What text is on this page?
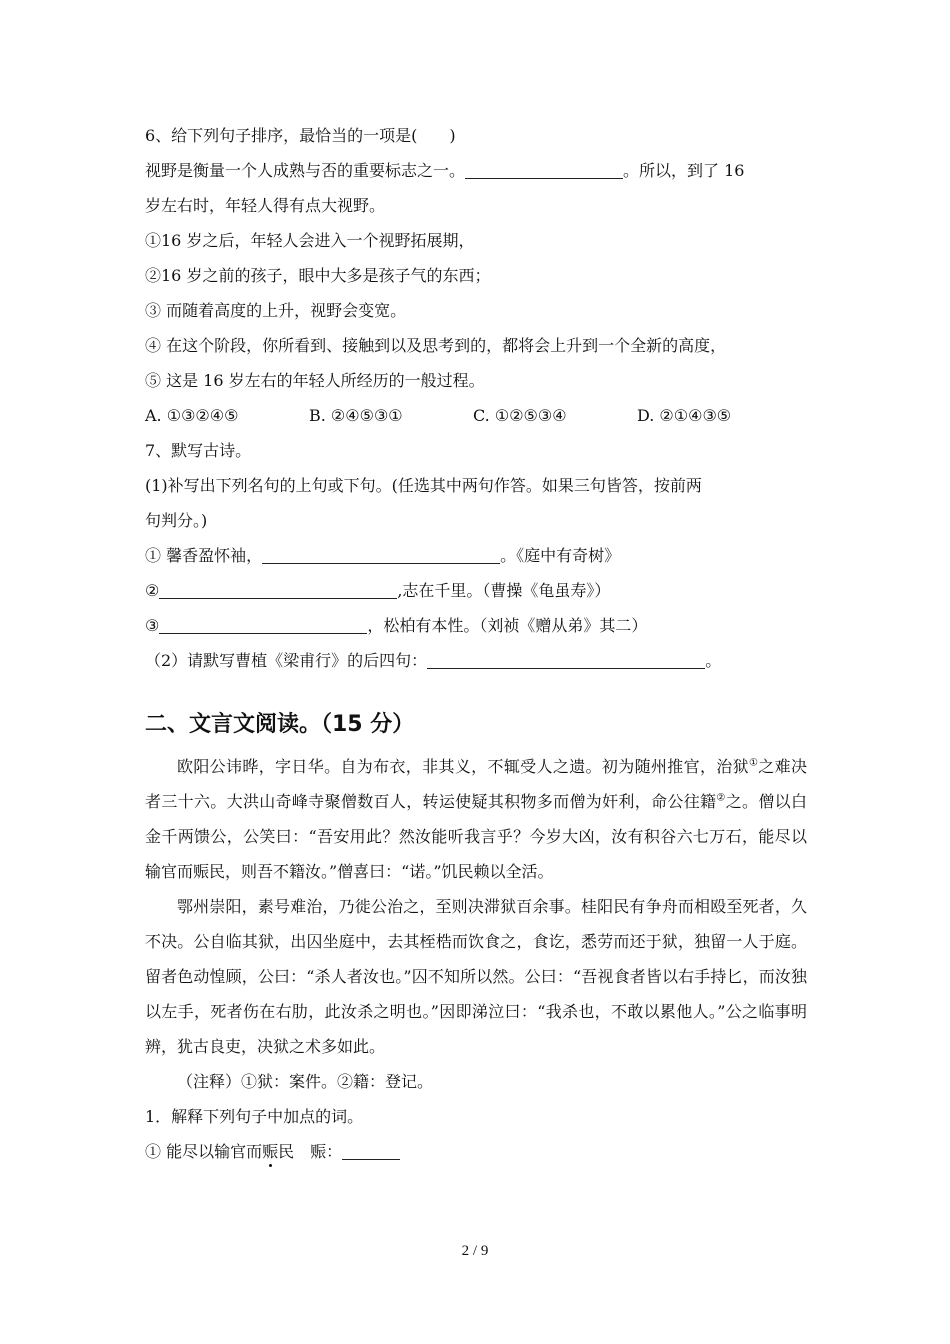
6、给下列句子排序，最恰当的一项是(　　)
视野是衡量一个人成熟与否的重要标志之一。	。所以，到了 16
岁左右时，年轻人得有点大视野。
①16 岁之后，年轻人会进入一个视野拓展期，
②16 岁之前的孩子，眼中大多是孩子气的东西；
③ 而随着高度的上升，视野会变宽。
④ 在这个阶段，你所看到、接触到以及思考到的，都将会上升到一个全新的高度，
⑤ 这是 16 岁左右的年轻人所经历的一般过程。
A. ①③②④⑤	B. ②④⑤③①	C. ①②⑤③④	D. ②①④③⑤
7、默写古诗。
(1)补写出下列名句的上句或下句。(任选其中两句作答。如果三句皆答，按前两
句判分。)
① 馨香盈怀袖，	。《庭中有奇树》
②	,志在千里。（曹操《龟虽寿》）
③	，松柏有本性。（刘祯《赠从弟》其二）
（2）请默写曹植《梁甫行》的后四句：	。
二、文言文阅读。（15 分）
欧阳公讳晔，字日华。自为布衣，非其义，不辄受人之遗。初为随州推官，治狱①之难决者三十六。大洪山奇峰寺聚僧数百人，转运使疑其积物多而僧为奸利，命公往籍②之。僧以白金千两馈公，公笑曰：“吾安用此？然汝能听我言乎？今岁大凶，汝有积谷六七万石，能尽以输官而赈民，则吾不籍汝。”僧喜曰：“诺。”饥民赖以全活。
鄂州崇阳，素号难治，乃徙公治之，至则决滞狱百余事。桂阳民有争舟而相殴至死者，久不决。公自临其狱，出囚坐庭中，去其桎梏而饮食之，食讫，悉劳而还于狱，独留一人于庭。留者色动惶顾，公曰：“杀人者汝也。”囚不知所以然。公曰：“吾视食者皆以右手持匕，而汝独以左手，死者伤在右肋，此汝杀之明也。”因即涕泣曰：“我杀也，不敢以累他人。”公之临事明辨，犹古良吏，决狱之术多如此。
（注释）①狱：案件。②籍：登记。
1．解释下列句子中加点的词。
① 能尽以输官而赈民　赈：
2 / 9
